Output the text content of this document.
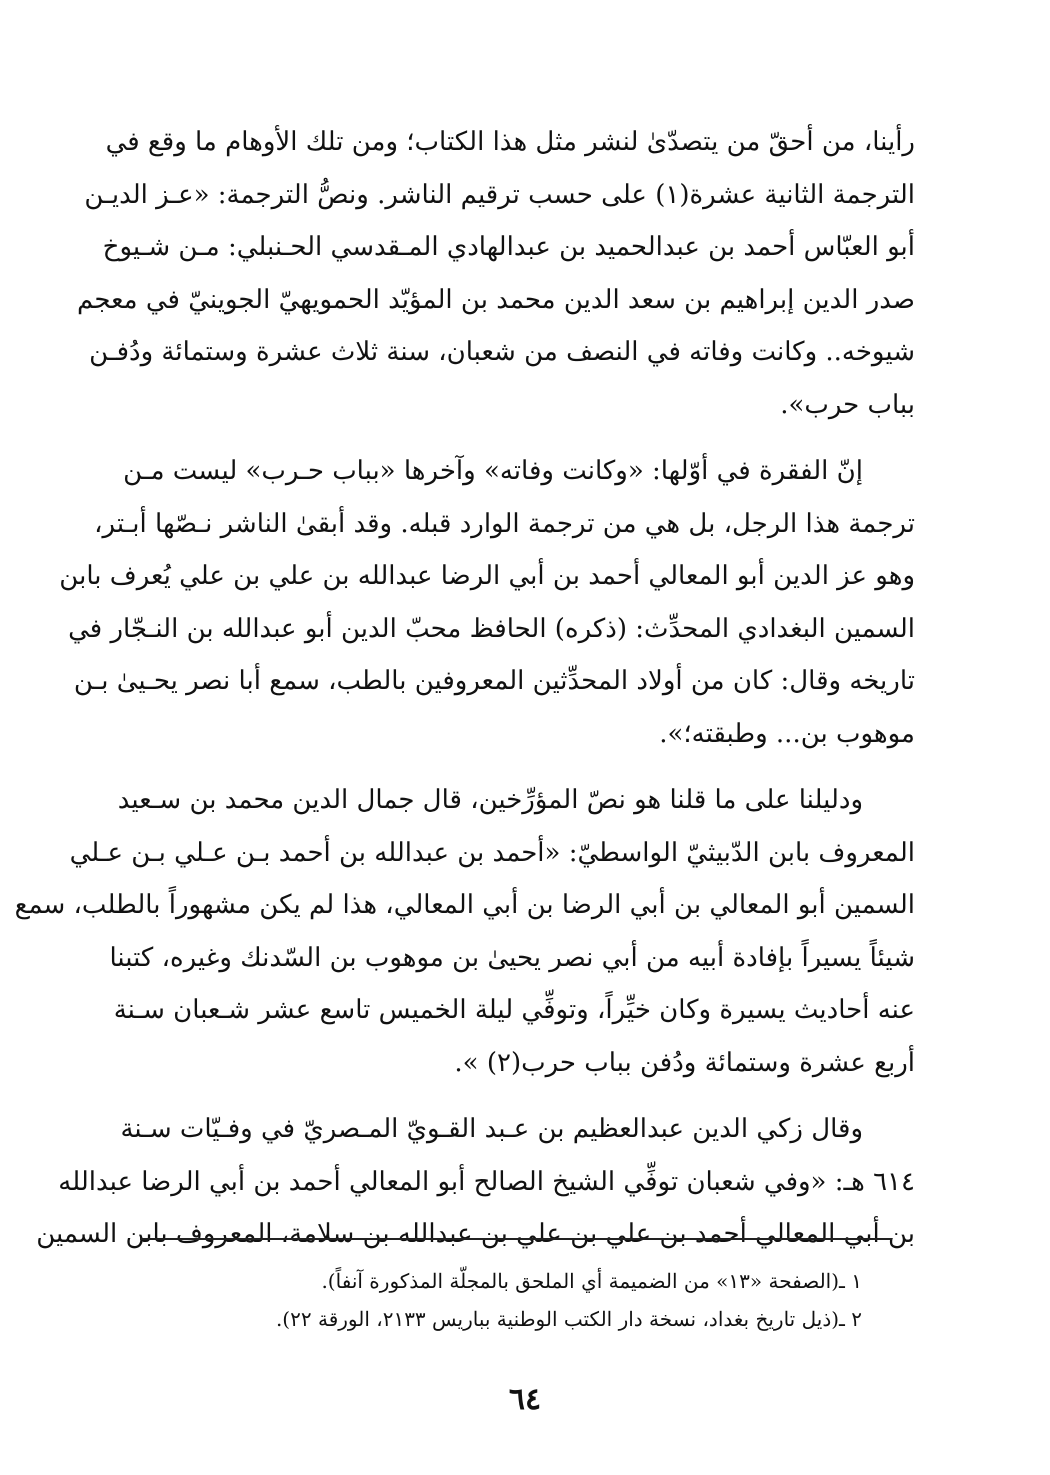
رأينا، من أحقّ من يتصدّىٰ لنشر مثل هذا الكتاب؛ ومن تلك الأوهام ما وقع في
الترجمة الثانية عشرة(١) على حسب ترقيم الناشر. ونصُّ الترجمة: «عـز الديـن
أبو العبّاس أحمد بن عبدالحميد بن عبدالهادي المـقدسي الحـنبلي: مـن شـيوخ
صدر الدين إبراهيم بن سعد الدين محمد بن المؤيّد الحمويهيّ الجوينيّ في معجم
شيوخه.. وكانت وفاته في النصف من شعبان، سنة ثلاث عشرة وستمائة ودُفـن
بباب حرب».
إنّ الفقرة في أوّلها: «وكانت وفاته» وآخرها «بباب حـرب» ليست مـن
ترجمة هذا الرجل، بل هي من ترجمة الوارد قبله. وقد أبقىٰ الناشر نـصّها أبـتر،
وهو عز الدين أبو المعالي أحمد بن أبي الرضا عبدالله بن علي بن علي يُعرف بابن
السمين البغدادي المحدِّث: (ذكره) الحافظ محبّ الدين أبو عبدالله بن النـجّار في
تاريخه وقال: كان من أولاد المحدِّثين المعروفين بالطب، سمع أبا نصر يحـيىٰ بـن
موهوب بن... وطبقته؛».
ودليلنا على ما قلنا هو نصّ المؤرِّخين، قال جمال الدين محمد بن سـعيد
المعروف بابن الدّبيثيّ الواسطيّ: «أحمد بن عبدالله بن أحمد بـن عـلي بـن عـلي
السمين أبو المعالي بن أبي الرضا بن أبي المعالي، هذا لم يكن مشهوراً بالطلب، سمع
شيئاً يسيراً بإفادة أبيه من أبي نصر يحيىٰ بن موهوب بن السّدنك وغيره، كتبنا
عنه أحاديث يسيرة وكان خيِّراً، وتوفِّي ليلة الخميس تاسع عشر شـعبان سـنة
أربع عشرة وستمائة ودُفن بباب حرب(٢) ».
وقال زكي الدين عبدالعظيم بن عـبد القـويّ المـصريّ في وفـيّات سـنة
٦١٤ هـ: «وفي شعبان توفِّي الشيخ الصالح أبو المعالي أحمد بن أبي الرضا عبدالله
بن أبي المعالي أحمد بن علي بن علي بن عبدالله بن سلامة، المعروف بابن السمين
١ ـ(الصفحة «١٣» من الضميمة أي الملحق بالمجلّة المذكورة آنفاً).
٢ ـ(ذيل تاريخ بغداد، نسخة دار الكتب الوطنية بباريس ٢١٣٣، الورقة ٢٢).
٦٤
